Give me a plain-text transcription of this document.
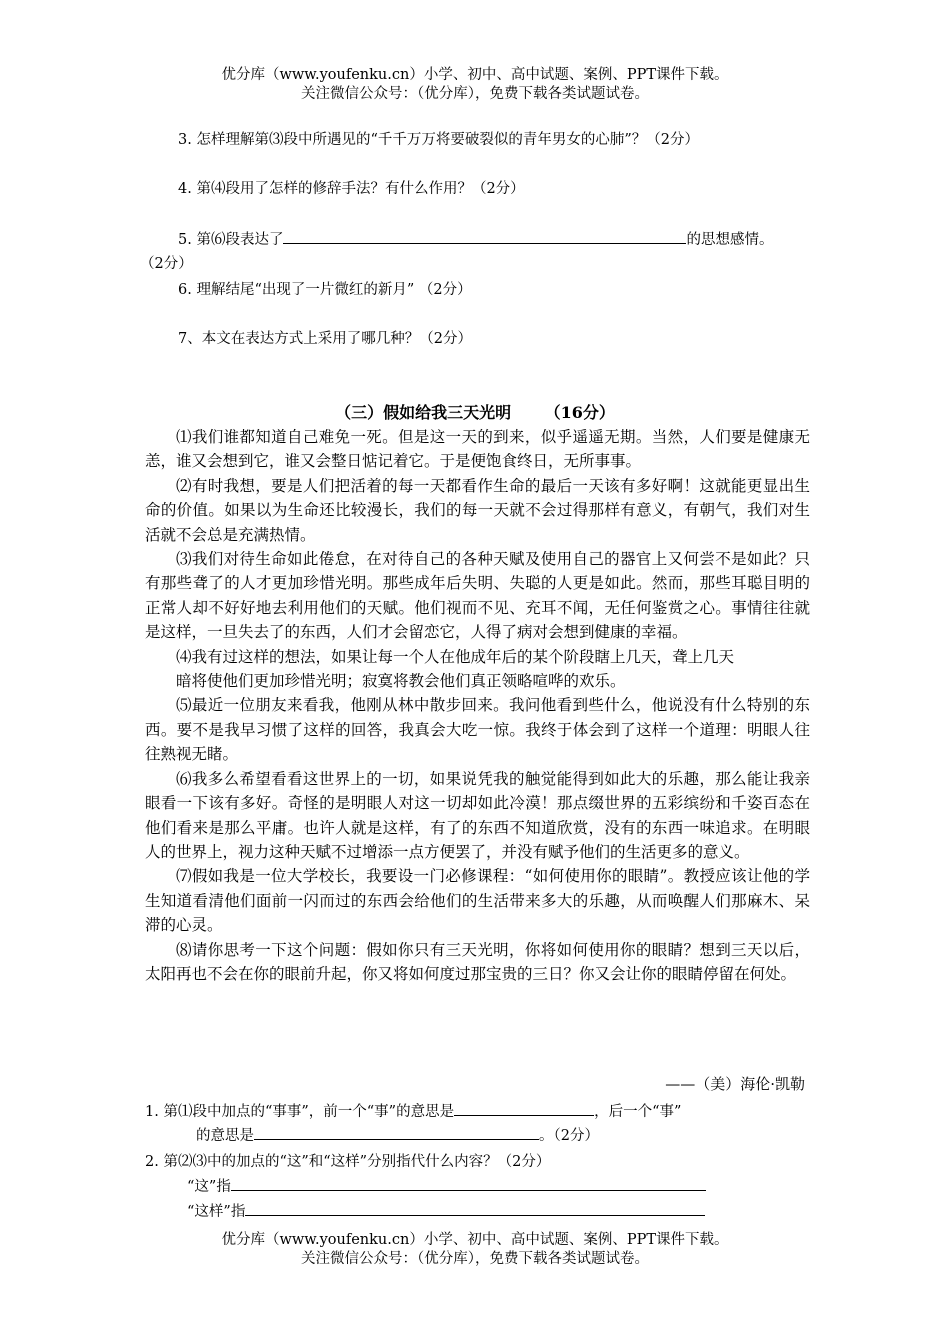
优分库（www.youfenku.cn）小学、初中、高中试题、案例、PPT课件下载。
关注微信公众号：（优分库），免费下载各类试题试卷。
3. 怎样理解第⑶段中所遇见的“千千万万将要破裂似的青年男女的心肺”？（2分）
4. 第⑷段用了怎样的修辞手法？有什么作用？（2分）
5. 第⑹段表达了	的思想感情。
（2分）
6. 理解结尾“出现了一片微红的新月” （2分）
7、本文在表达方式上采用了哪几种？（2分）
（三）假如给我三天光明 （16分）

⑴我们谁都知道自己难免一死。但是这一天的到来，似乎遥遥无期。当然，人们要是健康无恙，谁又会想到它，谁又会整日惦记着它。于是便饱食终日，无所事事。

⑵有时我想，要是人们把活着的每一天都看作生命的最后一天该有多好啊！这就能更显出生命的价值。如果以为生命还比较漫长，我们的每一天就不会过得那样有意义，有朝气，我们对生活就不会总是充满热情。

⑶我们对待生命如此倦怠，在对待自己的各种天赋及使用自己的器官上又何尝不是如此？只有那些聋了的人才更加珍惜光明。那些成年后失明、失聪的人更是如此。然而，那些耳聪目明的正常人却不好好地去利用他们的天赋。他们视而不见、充耳不闻，无任何鉴赏之心。事情往往就是这样，一旦失去了的东西，人们才会留恋它，人得了病对会想到健康的幸福。

⑷我有过这样的想法，如果让每一个人在他成年后的某个阶段瞎上几天，聋上几天

暗将使他们更加珍惜光明；寂寞将教会他们真正领略喧哗的欢乐。

⑸最近一位朋友来看我，他刚从林中散步回来。我问他看到些什么，他说没有什么特别的东西。要不是我早习惯了这样的回答，我真会大吃一惊。我终于体会到了这样一个道理：明眼人往往熟视无睹。

⑹我多么希望看看这世界上的一切，如果说凭我的触觉能得到如此大的乐趣，那么能让我亲眼看一下该有多好。奇怪的是明眼人对这一切却如此冷漠！那点缀世界的五彩缤纷和千姿百态在他们看来是那么平庸。也许人就是这样，有了的东西不知道欣赏，没有的东西一味追求。在明眼人的世界上，视力这种天赋不过增添一点方便罢了，并没有赋予他们的生活更多的意义。

⑺假如我是一位大学校长，我要设一门必修课程：“如何使用你的眼睛”。教授应该让他的学生知道看清他们面前一闪而过的东西会给他们的生活带来多大的乐趣，从而唤醒人们那麻木、呆滞的心灵。

⑻请你思考一下这个问题：假如你只有三天光明，你将如何使用你的眼睛？想到三天以后，太阳再也不会在你的眼前升起，你又将如何度过那宝贵的三日？你又会让你的眼睛停留在何处。

——（美）海伦·凯勒
1. 第⑴段中加点的“事事”，前一个“事”的意思是	，后一个“事”
的意思是	。（2分）
2. 第⑵⑶中的加点的“这”和“这样”分别指代什么内容？（2分）
“这”指
“这样”指
优分库（www.youfenku.cn）小学、初中、高中试题、案例、PPT课件下载。
关注微信公众号：（优分库），免费下载各类试题试卷。
